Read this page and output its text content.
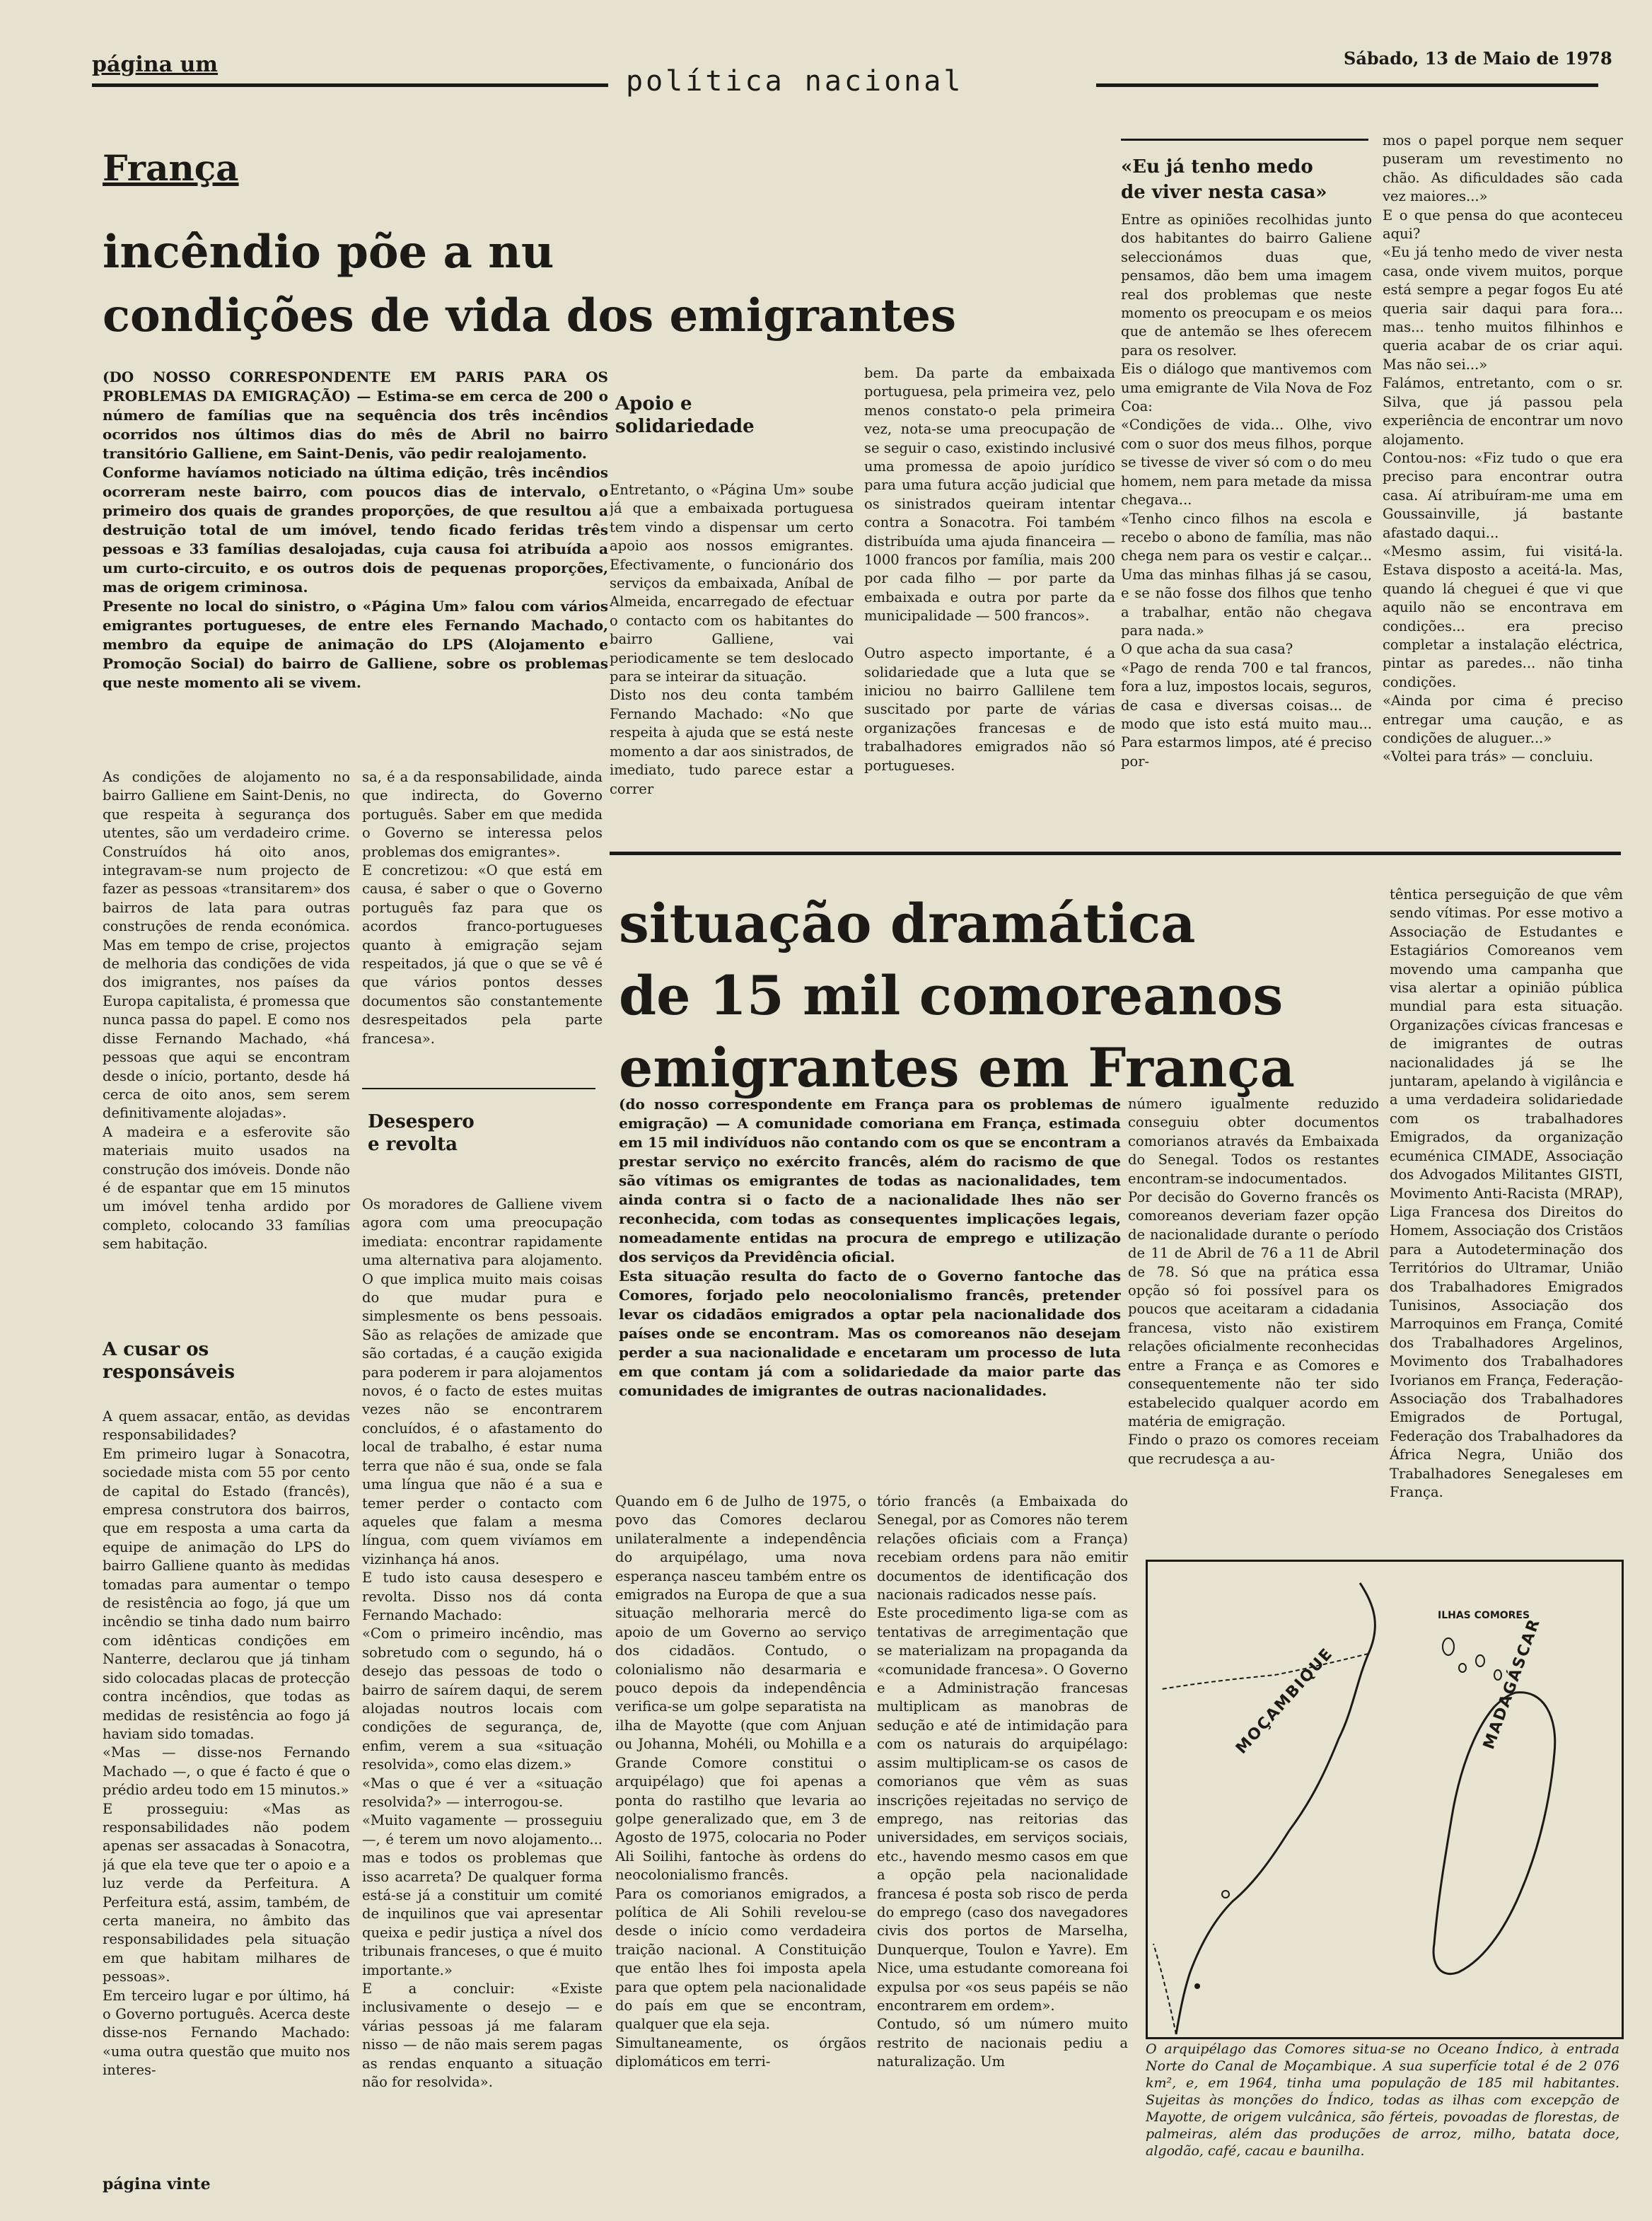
página um
política nacional
Sábado, 13 de Maio de 1978
França
incêndio põe a nu
condições de vida dos emigrantes
(DO NOSSO CORRESPONDENTE EM PARIS PARA OS PROBLEMAS DA EMIGRAÇÃO) — Estima-se em cerca de 200 o número de famílias que na sequência dos três incêndios ocorridos nos últimos dias do mês de Abril no bairro transitório Galliene, em Saint-Denis, vão pedir realojamento.
Conforme havíamos noticiado na última edição, três incêndios ocorreram neste bairro, com poucos dias de intervalo, o primeiro dos quais de grandes proporções, de que resultou a destruição total de um imóvel, tendo ficado feridas três pessoas e 33 famílias desalojadas, cuja causa foi atribuída a um curto-circuito, e os outros dois de pequenas proporções, mas de origem criminosa.
Presente no local do sinistro, o «Página Um» falou com vários emigrantes portugueses, de entre eles Fernando Machado, membro da equipe de animação do LPS (Alojamento e Promoção Social) do bairro de Galliene, sobre os problemas que neste momento ali se vivem.
As condições de alojamento no bairro Galliene em Saint-Denis, no que respeita à segurança dos utentes, são um verdadeiro crime. Construídos há oito anos, integravam-se num projecto de fazer as pessoas «transitarem» dos bairros de lata para outras construções de renda económica. Mas em tempo de crise, projectos de melhoria das condições de vida dos imigrantes, nos países da Europa capitalista, é promessa que nunca passa do papel. E como nos disse Fernando Machado, «há pessoas que aqui se encontram desde o início, portanto, desde há cerca de oito anos, sem serem definitivamente alojadas».
A madeira e a esferovite são materiais muito usados na construção dos imóveis. Donde não é de espantar que em 15 minutos um imóvel tenha ardido por completo, colocando 33 famílias sem habitação.
A cusar os
responsáveis
A quem assacar, então, as devidas responsabilidades?
Em primeiro lugar à Sonacotra, sociedade mista com 55 por cento de capital do Estado (francês), empresa construtora dos bairros, que em resposta a uma carta da equipe de animação do LPS do bairro Galliene quanto às medidas tomadas para aumentar o tempo de resistência ao fogo, já que um incêndio se tinha dado num bairro com idênticas condições em Nanterre, declarou que já tinham sido colocadas placas de protecção contra incêndios, que todas as medidas de resistência ao fogo já haviam sido tomadas.
«Mas — disse-nos Fernando Machado —, o que é facto é que o prédio ardeu todo em 15 minutos.»
E prosseguiu: «Mas as responsabilidades não podem apenas ser assacadas à Sonacotra, já que ela teve que ter o apoio e a luz verde da Perfeitura. A Perfeitura está, assim, também, de certa maneira, no âmbito das responsabilidades pela situação em que habitam milhares de pessoas».
Em terceiro lugar e por último, há o Governo português. Acerca deste disse-nos Fernando Machado: «uma outra questão que muito nos interes-
página vinte
sa, é a da responsabilidade, ainda que indirecta, do Governo português. Saber em que medida o Governo se interessa pelos problemas dos emigrantes».
E concretizou: «O que está em causa, é saber o que o Governo português faz para que os acordos franco-portugueses quanto à emigração sejam respeitados, já que o que se vê é que vários pontos desses documentos são constantemente desrespeitados pela parte francesa».
Desespero
e revolta
Os moradores de Galliene vivem agora com uma preocupação imediata: encontrar rapidamente uma alternativa para alojamento. O que implica muito mais coisas do que mudar pura e simplesmente os bens pessoais. São as relações de amizade que são cortadas, é a caução exigida para poderem ir para alojamentos novos, é o facto de estes muitas vezes não se encontrarem concluídos, é o afastamento do local de trabalho, é estar numa terra que não é sua, onde se fala uma língua que não é a sua e temer perder o contacto com aqueles que falam a mesma língua, com quem vivíamos em vizinhança há anos.
E tudo isto causa desespero e revolta. Disso nos dá conta Fernando Machado:
«Com o primeiro incêndio, mas sobretudo com o segundo, há o desejo das pessoas de todo o bairro de saírem daqui, de serem alojadas noutros locais com condições de segurança, de, enfim, verem a sua «situação resolvida», como elas dizem.»
«Mas o que é ver a «situação resolvida?» — interrogou-se.
«Muito vagamente — prosseguiu —, é terem um novo alojamento... mas e todos os problemas que isso acarreta? De qualquer forma está-se já a constituir um comité de inquilinos que vai apresentar queixa e pedir justiça a nível dos tribunais franceses, o que é muito importante.»
E a concluir: «Existe inclusivamente o desejo — e várias pessoas já me falaram nisso — de não mais serem pagas as rendas enquanto a situação não for resolvida».
Apoio e
solidariedade
Entretanto, o «Página Um» soube já que a embaixada portuguesa tem vindo a dispensar um certo apoio aos nossos emigrantes. Efectivamente, o funcionário dos serviços da embaixada, Aníbal de Almeida, encarregado de efectuar o contacto com os habitantes do bairro Galliene, vai periodicamente se tem deslocado para se inteirar da situação.
Disto nos deu conta também Fernando Machado: «No que respeita à ajuda que se está neste momento a dar aos sinistrados, de imediato, tudo parece estar a correr
bem. Da parte da embaixada portuguesa, pela primeira vez, pelo menos constato-o pela primeira vez, nota-se uma preocupação de se seguir o caso, existindo inclusivé uma promessa de apoio jurídico para uma futura acção judicial que os sinistrados queiram intentar contra a Sonacotra. Foi também distribuída uma ajuda financeira — 1000 francos por família, mais 200 por cada filho — por parte da embaixada e outra por parte da municipalidade — 500 francos».

Outro aspecto importante, é a solidariedade que a luta que se iniciou no bairro Gallilene tem suscitado por parte de várias organizações francesas e de trabalhadores emigrados não só portugueses.
«Eu já tenho medo
de viver nesta casa»
Entre as opiniões recolhidas junto dos habitantes do bairro Galiene seleccionámos duas que, pensamos, dão bem uma imagem real dos problemas que neste momento os preocupam e os meios que de antemão se lhes oferecem para os resolver.
Eis o diálogo que mantivemos com uma emigrante de Vila Nova de Foz Coa:
«Condições de vida... Olhe, vivo com o suor dos meus filhos, porque se tivesse de viver só com o do meu homem, nem para metade da missa chegava...
«Tenho cinco filhos na escola e recebo o abono de família, mas não chega nem para os vestir e calçar... Uma das minhas filhas já se casou, e se não fosse dos filhos que tenho a trabalhar, então não chegava para nada.»
O que acha da sua casa?
«Pago de renda 700 e tal francos, fora a luz, impostos locais, seguros, de casa e diversas coisas... de modo que isto está muito mau... Para estarmos limpos, até é preciso por-
mos o papel porque nem sequer puseram um revestimento no chão. As dificuldades são cada vez maiores...»
E o que pensa do que aconteceu aqui?
«Eu já tenho medo de viver nesta casa, onde vivem muitos, porque está sempre a pegar fogos Eu até queria sair daqui para fora... mas... tenho muitos filhinhos e queria acabar de os criar aqui. Mas não sei...»
Falámos, entretanto, com o sr. Silva, que já passou pela experiência de encontrar um novo alojamento.
Contou-nos: «Fiz tudo o que era preciso para encontrar outra casa. Aí atribuíram-me uma em Goussainville, já bastante afastado daqui...
«Mesmo assim, fui visitá-la. Estava disposto a aceitá-la. Mas, quando lá cheguei é que vi que aquilo não se encontrava em condições... era preciso completar a instalação eléctrica, pintar as paredes... não tinha condições.
«Ainda por cima é preciso entregar uma caução, e as condições de aluguer...»
«Voltei para trás» — concluiu.
situação dramática
de 15 mil comoreanos
emigrantes em França
(do nosso correspondente em França para os problemas de emigração) — A comunidade comoriana em França, estimada em 15 mil indivíduos não contando com os que se encontram a prestar serviço no exército francês, além do racismo de que são vítimas os emigrantes de todas as nacionalidades, tem ainda contra si o facto de a nacionalidade lhes não ser reconhecida, com todas as consequentes implicações legais, nomeadamente entidas na procura de emprego e utilização dos serviços da Previdência oficial.
Esta situação resulta do facto de o Governo fantoche das Comores, forjado pelo neocolonialismo francês, pretender levar os cidadãos emigrados a optar pela nacionalidade dos países onde se encontram. Mas os comoreanos não desejam perder a sua nacionalidade e encetaram um processo de luta em que contam já com a solidariedade da maior parte das comunidades de imigrantes de outras nacionalidades.
Quando em 6 de Julho de 1975, o povo das Comores declarou unilateralmente a independência do arquipélago, uma nova esperança nasceu também entre os emigrados na Europa de que a sua situação melhoraria mercê do apoio de um Governo ao serviço dos cidadãos. Contudo, o colonialismo não desarmaria e pouco depois da independência verifica-se um golpe separatista na ilha de Mayotte (que com Anjuan ou Johanna, Mohéli, ou Mohilla e a Grande Comore constitui o arquipélago) que foi apenas a ponta do rastilho que levaria ao golpe generalizado que, em 3 de Agosto de 1975, colocaria no Poder Ali Soilihi, fantoche às ordens do neocolonialismo francês.
Para os comorianos emigrados, a política de Ali Sohili revelou-se desde o início como verdadeira traição nacional. A Constituição que então lhes foi imposta apela para que optem pela nacionalidade do país em que se encontram, qualquer que ela seja.
Simultaneamente, os órgãos diplomáticos em terri-
tório francês (a Embaixada do Senegal, por as Comores não terem relações oficiais com a França) recebiam ordens para não emitir documentos de identificação dos nacionais radicados nesse país.
Este procedimento liga-se com as tentativas de arregimentação que se materializam na propaganda da «comunidade francesa». O Governo e a Administração francesas multiplicam as manobras de sedução e até de intimidação para com os naturais do arquipélago: assim multiplicam-se os casos de comorianos que vêm as suas inscrições rejeitadas no serviço de emprego, nas reitorias das universidades, em serviços sociais, etc., havendo mesmo casos em que a opção pela nacionalidade francesa é posta sob risco de perda do emprego (caso dos navegadores civis dos portos de Marselha, Dunquerque, Toulon e Yavre). Em Nice, uma estudante comoreana foi expulsa por «os seus papéis se não encontrarem em ordem».
Contudo, só um número muito restrito de nacionais pediu a naturalização. Um
número igualmente reduzido conseguiu obter documentos comorianos através da Embaixada do Senegal. Todos os restantes encontram-se indocumentados.
Por decisão do Governo francês os comoreanos deveriam fazer opção de nacionalidade durante o período de 11 de Abril de 76 a 11 de Abril de 78. Só que na prática essa opção só foi possível para os poucos que aceitaram a cidadania francesa, visto não existirem relações oficialmente reconhecidas entre a França e as Comores e consequentemente não ter sido estabelecido qualquer acordo em matéria de emigração.
Findo o prazo os comores receiam que recrudesça a au-
têntica perseguição de que vêm sendo vítimas. Por esse motivo a Associação de Estudantes e Estagiários Comoreanos vem movendo uma campanha que visa alertar a opinião pública mundial para esta situação. Organizações cívicas francesas e de imigrantes de outras nacionalidades já se lhe juntaram, apelando à vigilância e a uma verdadeira solidariedade com os trabalhadores Emigrados, da organização ecuménica CIMADE, Associação dos Advogados Militantes GISTI, Movimento Anti-Racista (MRAP), Liga Francesa dos Direitos do Homem, Associação dos Cristãos para a Autodeterminação dos Territórios do Ultramar, União dos Trabalhadores Emigrados Tunisinos, Associação dos Marroquinos em França, Comité dos Trabalhadores Argelinos, Movimento dos Trabalhadores Ivorianos em França, Federação-Associação dos Trabalhadores Emigrados de Portugal, Federação dos Trabalhadores da África Negra, União dos Trabalhadores Senegaleses em França.
ILHAS COMORES
MOÇAMBIQUE	MADAGÁSCAR
O arquipélago das Comores situa-se no Oceano Índico, à entrada Norte do Canal de Moçambique. A sua superfície total é de 2 076 km², e, em 1964, tinha uma população de 185 mil habitantes. Sujeitas às monções do Índico, todas as ilhas com excepção de Mayotte, de origem vulcânica, são férteis, povoadas de florestas, de palmeiras, além das produções de arroz, milho, batata doce, algodão, café, cacau e baunilha.
